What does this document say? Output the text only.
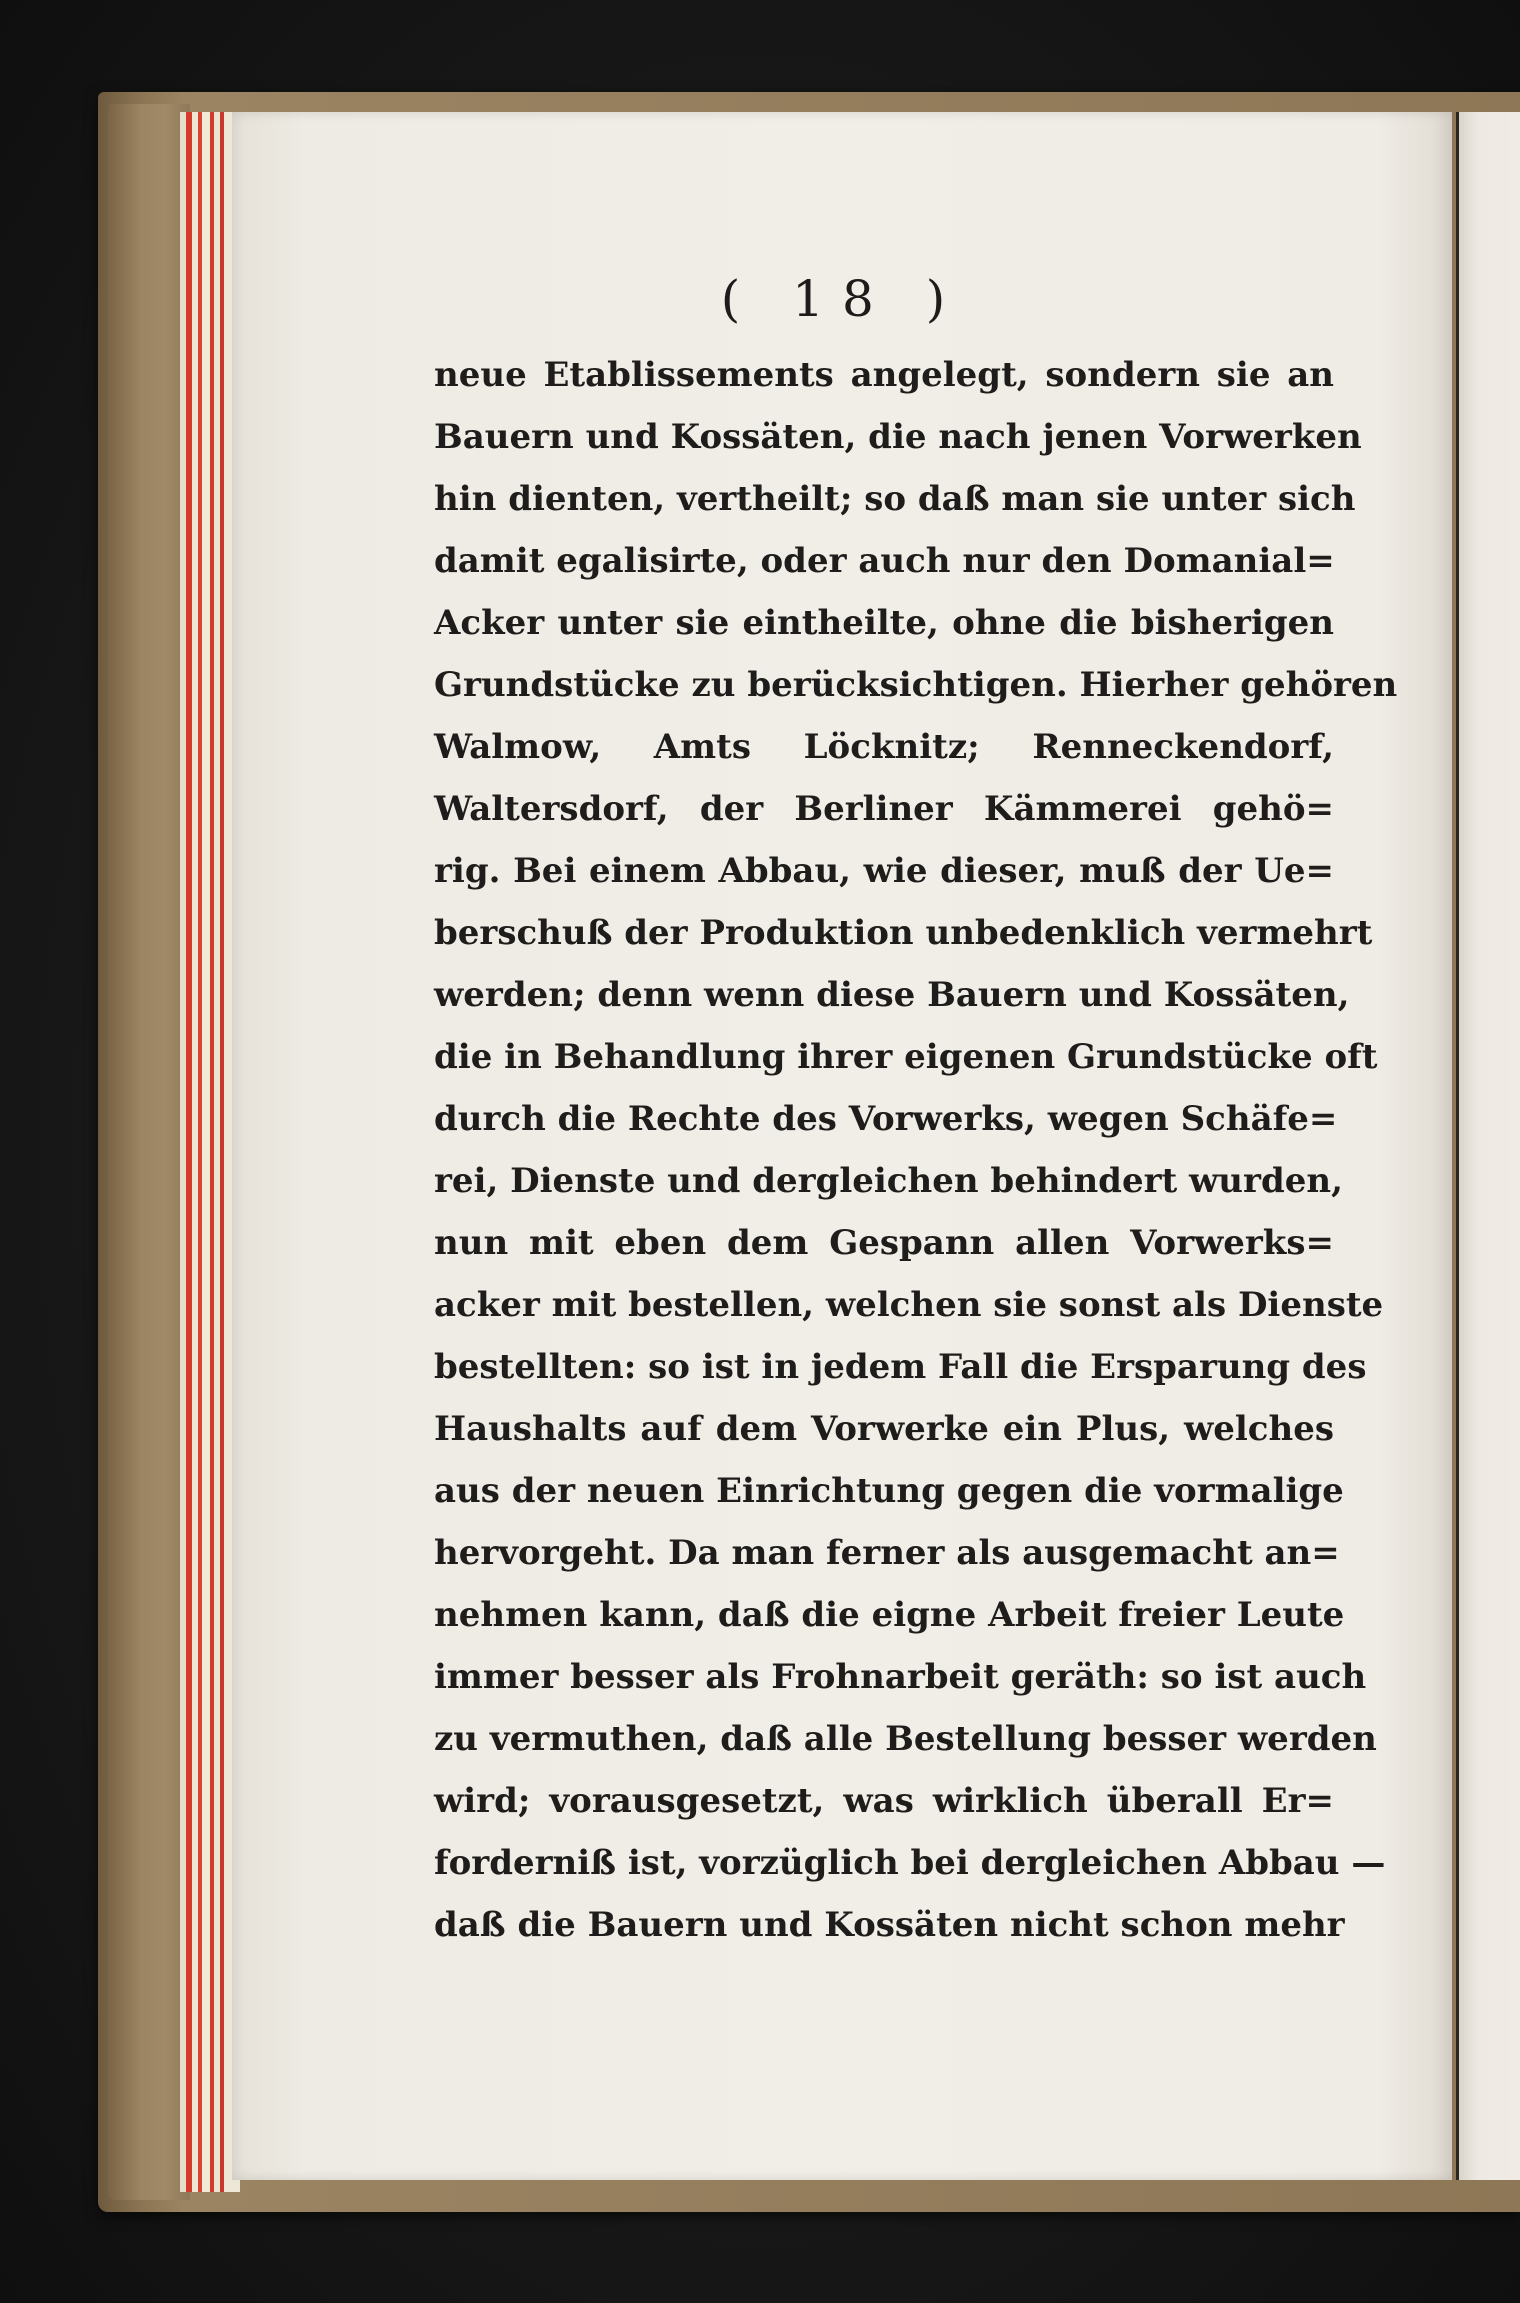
( 18 )
neue Etablissements angelegt, sondern sie an
Bauern und Kossäten, die nach jenen Vorwerken
hin dienten, vertheilt; so daß man sie unter sich
damit egalisirte, oder auch nur den Domanial=
Acker unter sie eintheilte, ohne die bisherigen
Grundstücke zu berücksichtigen. Hierher gehören
Walmow, Amts Löcknitz; Renneckendorf,
Waltersdorf, der Berliner Kämmerei gehö=
rig. Bei einem Abbau, wie dieser, muß der Ue=
berschuß der Produktion unbedenklich vermehrt
werden; denn wenn diese Bauern und Kossäten,
die in Behandlung ihrer eigenen Grundstücke oft
durch die Rechte des Vorwerks, wegen Schäfe=
rei, Dienste und dergleichen behindert wurden,
nun mit eben dem Gespann allen Vorwerks=
acker mit bestellen, welchen sie sonst als Dienste
bestellten: so ist in jedem Fall die Ersparung des
Haushalts auf dem Vorwerke ein Plus, welches
aus der neuen Einrichtung gegen die vormalige
hervorgeht. Da man ferner als ausgemacht an=
nehmen kann, daß die eigne Arbeit freier Leute
immer besser als Frohnarbeit geräth: so ist auch
zu vermuthen, daß alle Bestellung besser werden
wird; vorausgesetzt, was wirklich überall Er=
forderniß ist, vorzüglich bei dergleichen Abbau —
daß die Bauern und Kossäten nicht schon mehr
